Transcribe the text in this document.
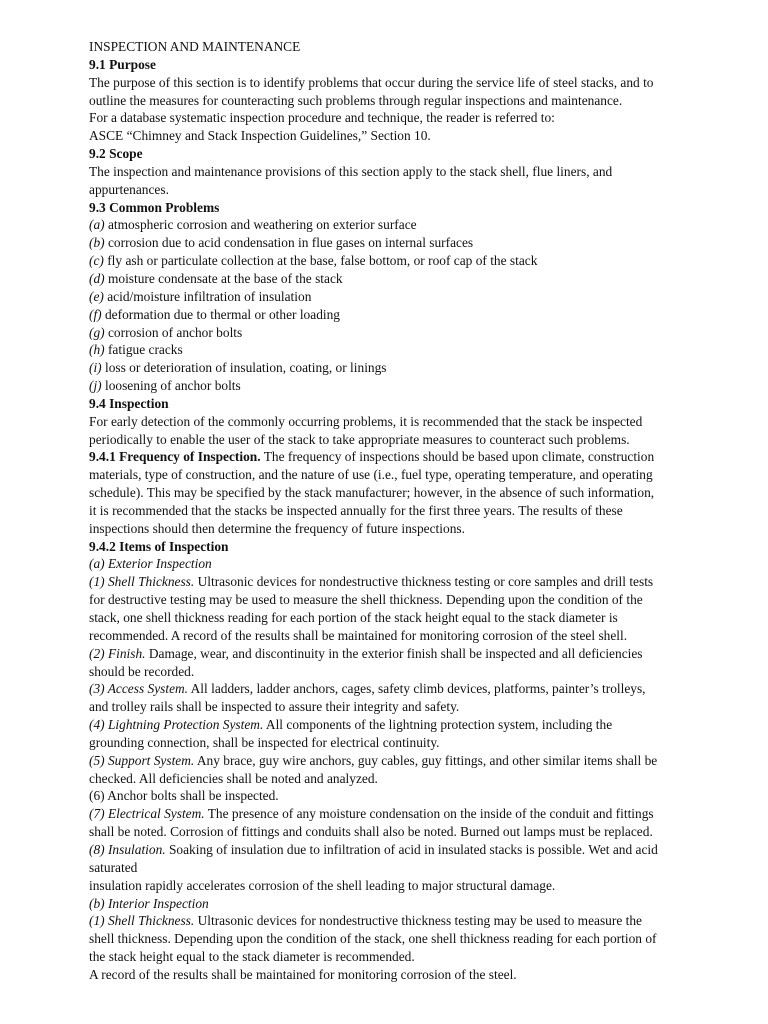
INSPECTION AND MAINTENANCE
9.1 Purpose
The purpose of this section is to identify problems that occur during the service life of steel stacks, and to
outline the measures for counteracting such problems through regular inspections and maintenance.
For a database systematic inspection procedure and technique, the reader is referred to:
ASCE “Chimney and Stack Inspection Guidelines,” Section 10.
9.2 Scope
The inspection and maintenance provisions of this section apply to the stack shell, flue liners, and
appurtenances.
9.3 Common Problems
(a) atmospheric corrosion and weathering on exterior surface
(b) corrosion due to acid condensation in flue gases on internal surfaces
(c) fly ash or particulate collection at the base, false bottom, or roof cap of the stack
(d) moisture condensate at the base of the stack
(e) acid/moisture infiltration of insulation
(f) deformation due to thermal or other loading
(g) corrosion of anchor bolts
(h) fatigue cracks
(i) loss or deterioration of insulation, coating, or linings
(j) loosening of anchor bolts
9.4 Inspection
For early detection of the commonly occurring problems, it is recommended that the stack be inspected
periodically to enable the user of the stack to take appropriate measures to counteract such problems.
9.4.1 Frequency of Inspection. The frequency of inspections should be based upon climate, construction
materials, type of construction, and the nature of use (i.e., fuel type, operating temperature, and operating
schedule). This may be specified by the stack manufacturer; however, in the absence of such information,
it is recommended that the stacks be inspected annually for the first three years. The results of these
inspections should then determine the frequency of future inspections.
9.4.2 Items of Inspection
(a) Exterior Inspection
(1) Shell Thickness. Ultrasonic devices for nondestructive thickness testing or core samples and drill tests
for destructive testing may be used to measure the shell thickness. Depending upon the condition of the
stack, one shell thickness reading for each portion of the stack height equal to the stack diameter is
recommended. A record of the results shall be maintained for monitoring corrosion of the steel shell.
(2) Finish. Damage, wear, and discontinuity in the exterior finish shall be inspected and all deficiencies
should be recorded.
(3) Access System. All ladders, ladder anchors, cages, safety climb devices, platforms, painter’s trolleys,
and trolley rails shall be inspected to assure their integrity and safety.
(4) Lightning Protection System. All components of the lightning protection system, including the
grounding connection, shall be inspected for electrical continuity.
(5) Support System. Any brace, guy wire anchors, guy cables, guy fittings, and other similar items shall be
checked. All deficiencies shall be noted and analyzed.
(6) Anchor bolts shall be inspected.
(7) Electrical System. The presence of any moisture condensation on the inside of the conduit and fittings
shall be noted. Corrosion of fittings and conduits shall also be noted. Burned out lamps must be replaced.
(8) Insulation. Soaking of insulation due to infiltration of acid in insulated stacks is possible. Wet and acid
saturated
insulation rapidly accelerates corrosion of the shell leading to major structural damage.
(b) Interior Inspection
(1) Shell Thickness. Ultrasonic devices for nondestructive thickness testing may be used to measure the
shell thickness. Depending upon the condition of the stack, one shell thickness reading for each portion of
the stack height equal to the stack diameter is recommended.
A record of the results shall be maintained for monitoring corrosion of the steel.
